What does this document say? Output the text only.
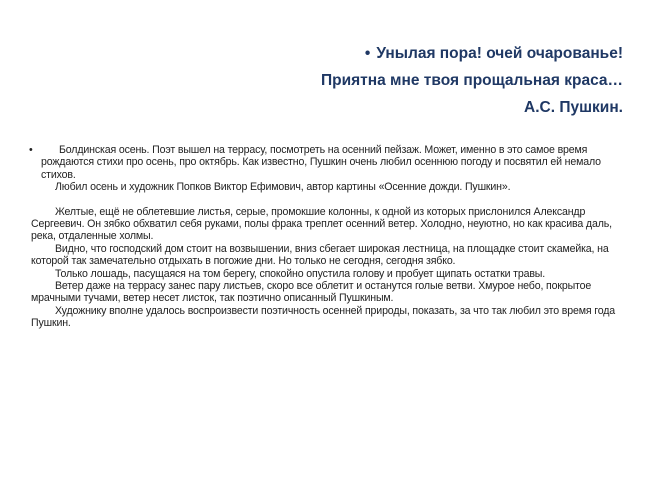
• Унылая пора! очей очарованье!
Приятна мне твоя прощальная краса…
А.С. Пушкин.

• Болдинская осень. Поэт вышел на террасу, посмотреть на осенний пейзаж. Может, именно в это самое время рождаются стихи про осень, про октябрь. Как известно, Пушкин очень любил осеннюю погоду и посвятил ей немало стихов.

Любил осень и художник Попков Виктор Ефимович, автор картины «Осенние дожди. Пушкин».

Желтые, ещё не облетевшие листья, серые, промокшие колонны, к одной из которых прислонился Александр Сергеевич. Он зябко обхватил себя руками, полы фрака треплет осенний ветер. Холодно, неуютно, но как красива даль, река, отдаленные холмы.

Видно, что господский дом стоит на возвышении, вниз сбегает широкая лестница, на площадке стоит скамейка, на которой так замечательно отдыхать в погожие дни. Но только не сегодня, сегодня зябко.

Только лошадь, пасущаяся на том берегу, спокойно опустила голову и пробует щипать остатки травы.

Ветер даже на террасу занес пару листьев, скоро все облетит и останутся голые ветви. Хмурое небо, покрытое мрачными тучами, ветер несет листок, так поэтично описанный Пушкиным.

Художнику вполне удалось воспроизвести поэтичность осенней природы, показать, за что так любил это время года Пушкин.
